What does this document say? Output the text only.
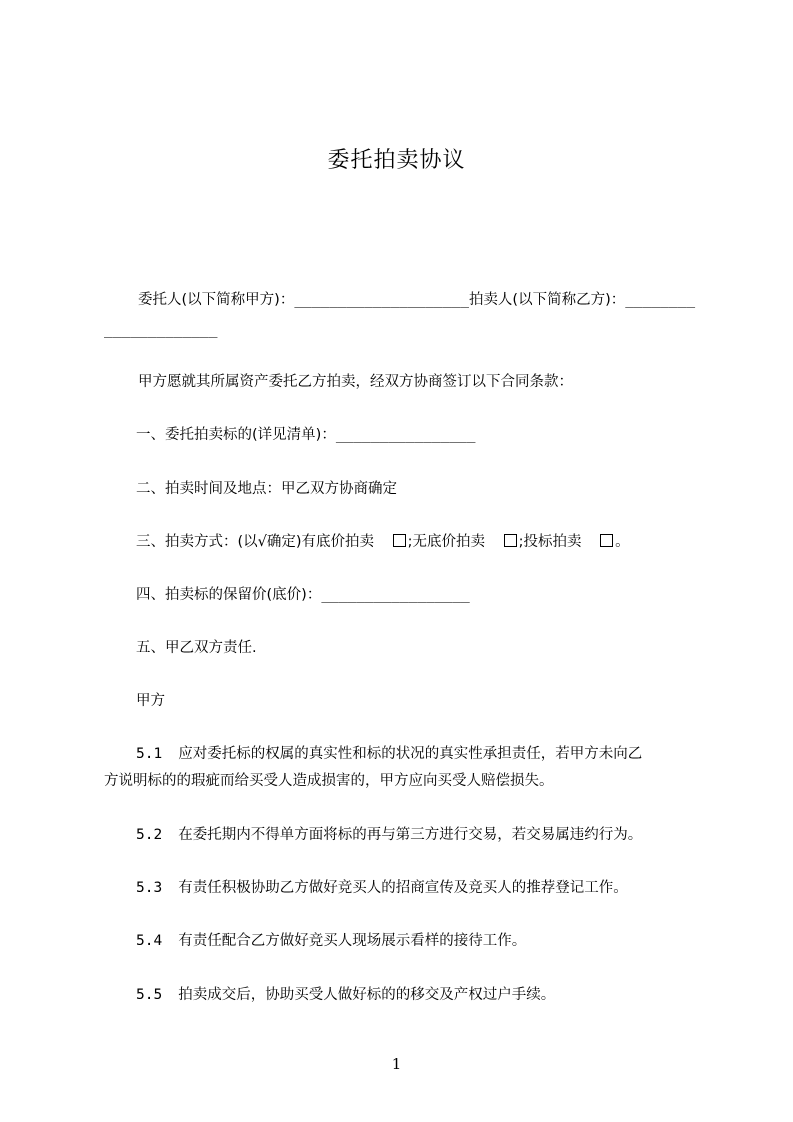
委托拍卖协议
委托人(以下简称甲方)：____________________拍卖人(以下简称乙方)：________
_____________
甲方愿就其所属资产委托乙方拍卖，经双方协商签订以下合同条款：
一、委托拍卖标的(详见清单)：________________
二、拍卖时间及地点：甲乙双方协商确定
三、拍卖方式：(以√确定)有底价拍卖 ;无底价拍卖 ;投标拍卖 。
四、拍卖标的保留价(底价)：_________________
五、甲乙双方责任.
甲方
5.1 应对委托标的权属的真实性和标的状况的真实性承担责任，若甲方未向乙
方说明标的的瑕疵而给买受人造成损害的，甲方应向买受人赔偿损失。
5.2 在委托期内不得单方面将标的再与第三方进行交易，若交易属违约行为。
5.3 有责任积极协助乙方做好竞买人的招商宣传及竞买人的推荐登记工作。
5.4 有责任配合乙方做好竞买人现场展示看样的接待工作。
5.5 拍卖成交后，协助买受人做好标的的移交及产权过户手续。
1
